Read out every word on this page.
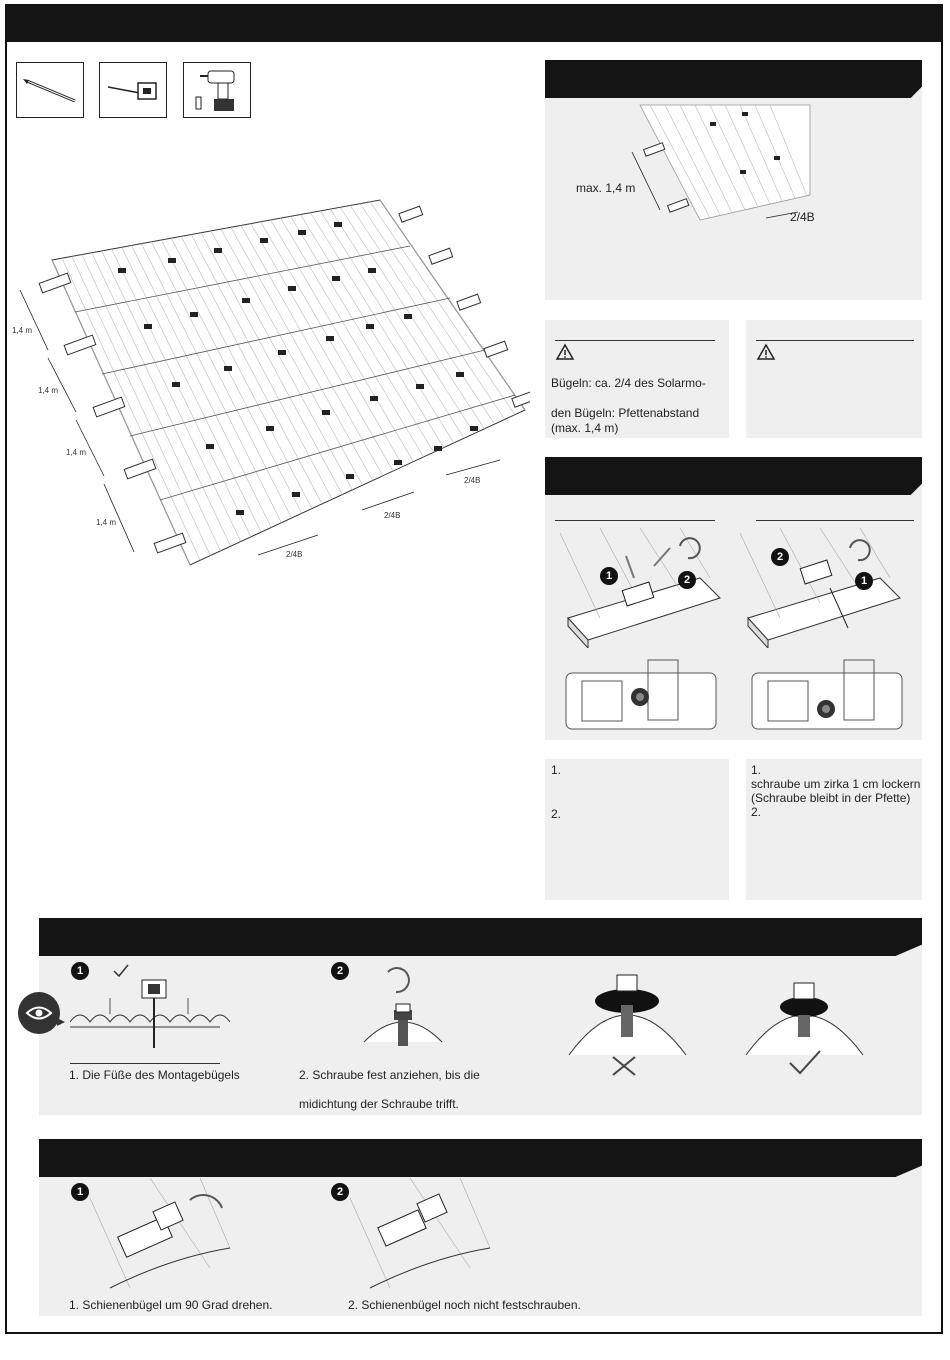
1,4 m
1,4 m
1,4 m
1,4 m
2/4B
2/4B
2/4B
max. 1,4 m
2/4B
Bügeln: ca. 2/4 des Solarmo-
den Bügeln: Pfettenabstand
(max. 1,4 m)
1	2
2
1
1.
2.
1.
schraube um zirka 1 cm lockern
(Schraube bleibt in der Pfette)
2.
1
1. Die Füße des Montagebügels
2
2. Schraube fest anziehen, bis die
midichtung der Schraube trifft.
1
1. Schienenbügel um 90 Grad drehen.
2
2. Schienenbügel noch nicht festschrauben.
